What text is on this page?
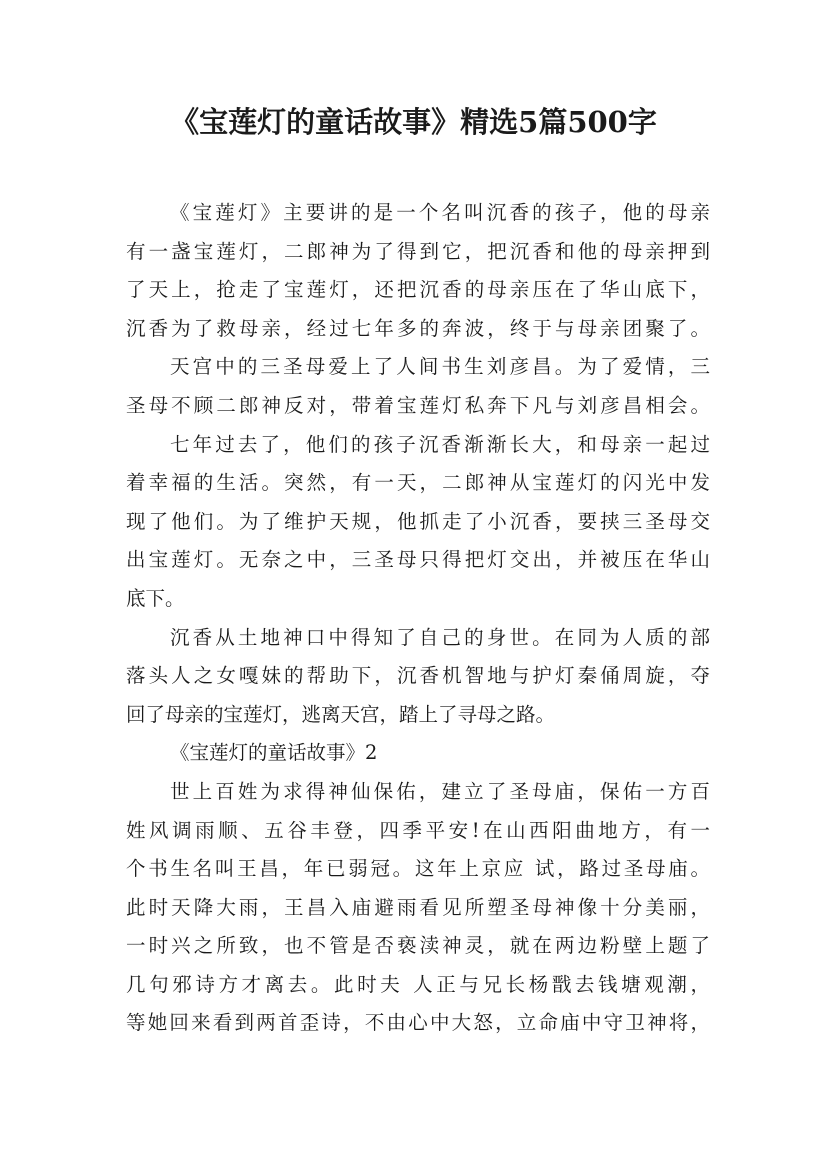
《宝莲灯的童话故事》精选5篇500字
《宝莲灯》主要讲的是一个名叫沉香的孩子，他的母亲
有一盏宝莲灯，二郎神为了得到它，把沉香和他的母亲押到
了天上，抢走了宝莲灯，还把沉香的母亲压在了华山底下，
沉香为了救母亲，经过七年多的奔波，终于与母亲团聚了。
天宫中的三圣母爱上了人间书生刘彦昌。为了爱情，三
圣母不顾二郎神反对，带着宝莲灯私奔下凡与刘彦昌相会。
七年过去了，他们的孩子沉香渐渐长大，和母亲一起过
着幸福的生活。突然，有一天，二郎神从宝莲灯的闪光中发
现了他们。为了维护天规，他抓走了小沉香，要挟三圣母交
出宝莲灯。无奈之中，三圣母只得把灯交出，并被压在华山
底下。
沉香从土地神口中得知了自己的身世。在同为人质的部
落头人之女嘎妹的帮助下，沉香机智地与护灯秦俑周旋，夺
回了母亲的宝莲灯，逃离天宫，踏上了寻母之路。
《宝莲灯的童话故事》2
世上百姓为求得神仙保佑，建立了圣母庙，保佑一方百
姓风调雨顺、五谷丰登，四季平安!在山西阳曲地方，有一
个书生名叫王昌，年已弱冠。这年上京应 试，路过圣母庙。
此时天降大雨，王昌入庙避雨看见所塑圣母神像十分美丽，
一时兴之所致，也不管是否亵渎神灵，就在两边粉壁上题了
几句邪诗方才离去。此时夫 人正与兄长杨戬去钱塘观潮，
等她回来看到两首歪诗，不由心中大怒，立命庙中守卫神将，
